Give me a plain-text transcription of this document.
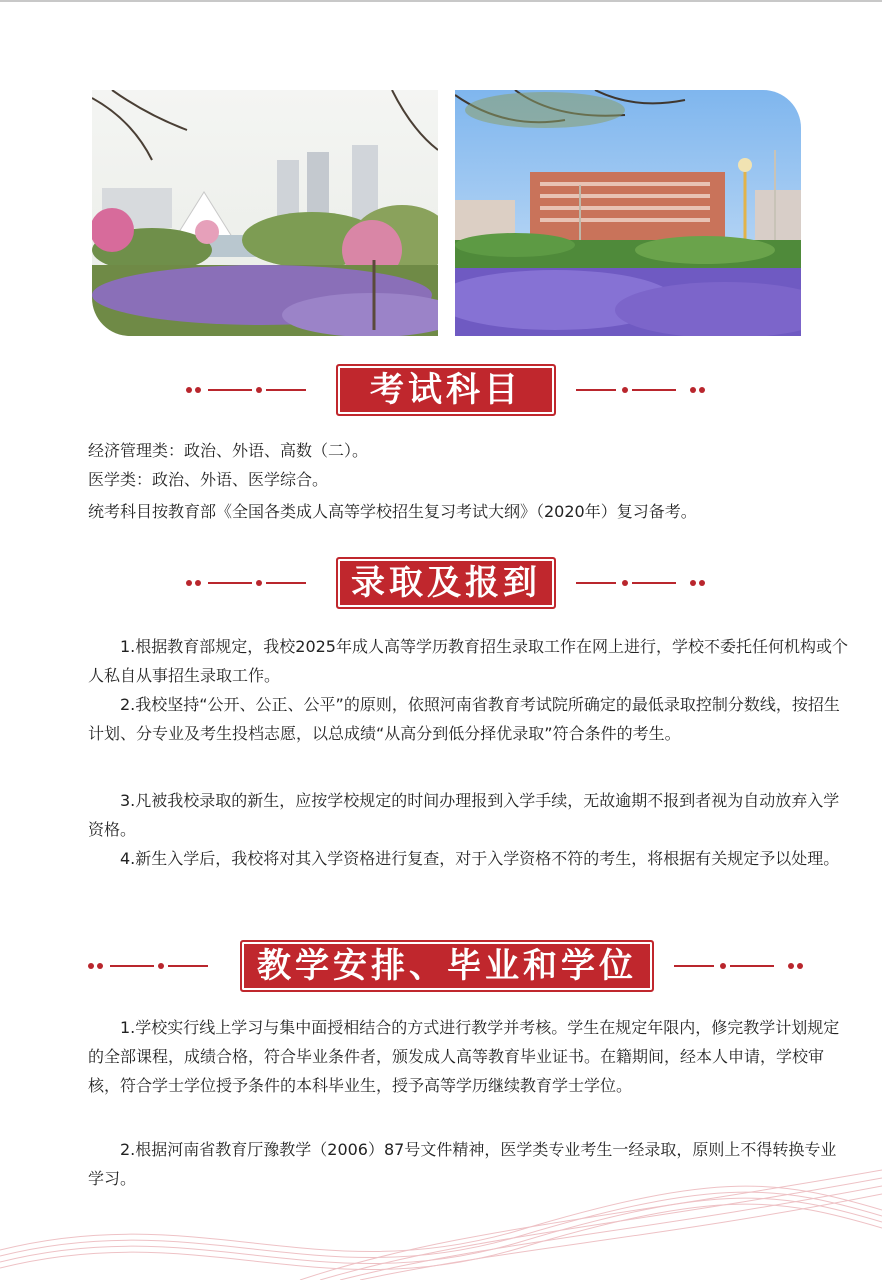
考试科目

经济管理类：政治、外语、高数（二）。

医学类：政治、外语、医学综合。

统考科目按教育部《全国各类成人高等学校招生复习考试大纲》（2020年）复习备考。

录取及报到

1.根据教育部规定，我校2025年成人高等学历教育招生录取工作在网上进行，学校不委托任何机构或个人私自从事招生录取工作。

2.我校坚持“公开、公正、公平”的原则，依照河南省教育考试院所确定的最低录取控制分数线，按招生计划、分专业及考生投档志愿，以总成绩“从高分到低分择优录取”符合条件的考生。

3.凡被我校录取的新生，应按学校规定的时间办理报到入学手续，无故逾期不报到者视为自动放弃入学资格。

4.新生入学后，我校将对其入学资格进行复查，对于入学资格不符的考生，将根据有关规定予以处理。

教学安排、毕业和学位

1.学校实行线上学习与集中面授相结合的方式进行教学并考核。学生在规定年限内，修完教学计划规定的全部课程，成绩合格，符合毕业条件者，颁发成人高等教育毕业证书。在籍期间，经本人申请，学校审核，符合学士学位授予条件的本科毕业生，授予高等学历继续教育学士学位。

2.根据河南省教育厅豫教学（2006）87号文件精神，医学类专业考生一经录取，原则上不得转换专业学习。
